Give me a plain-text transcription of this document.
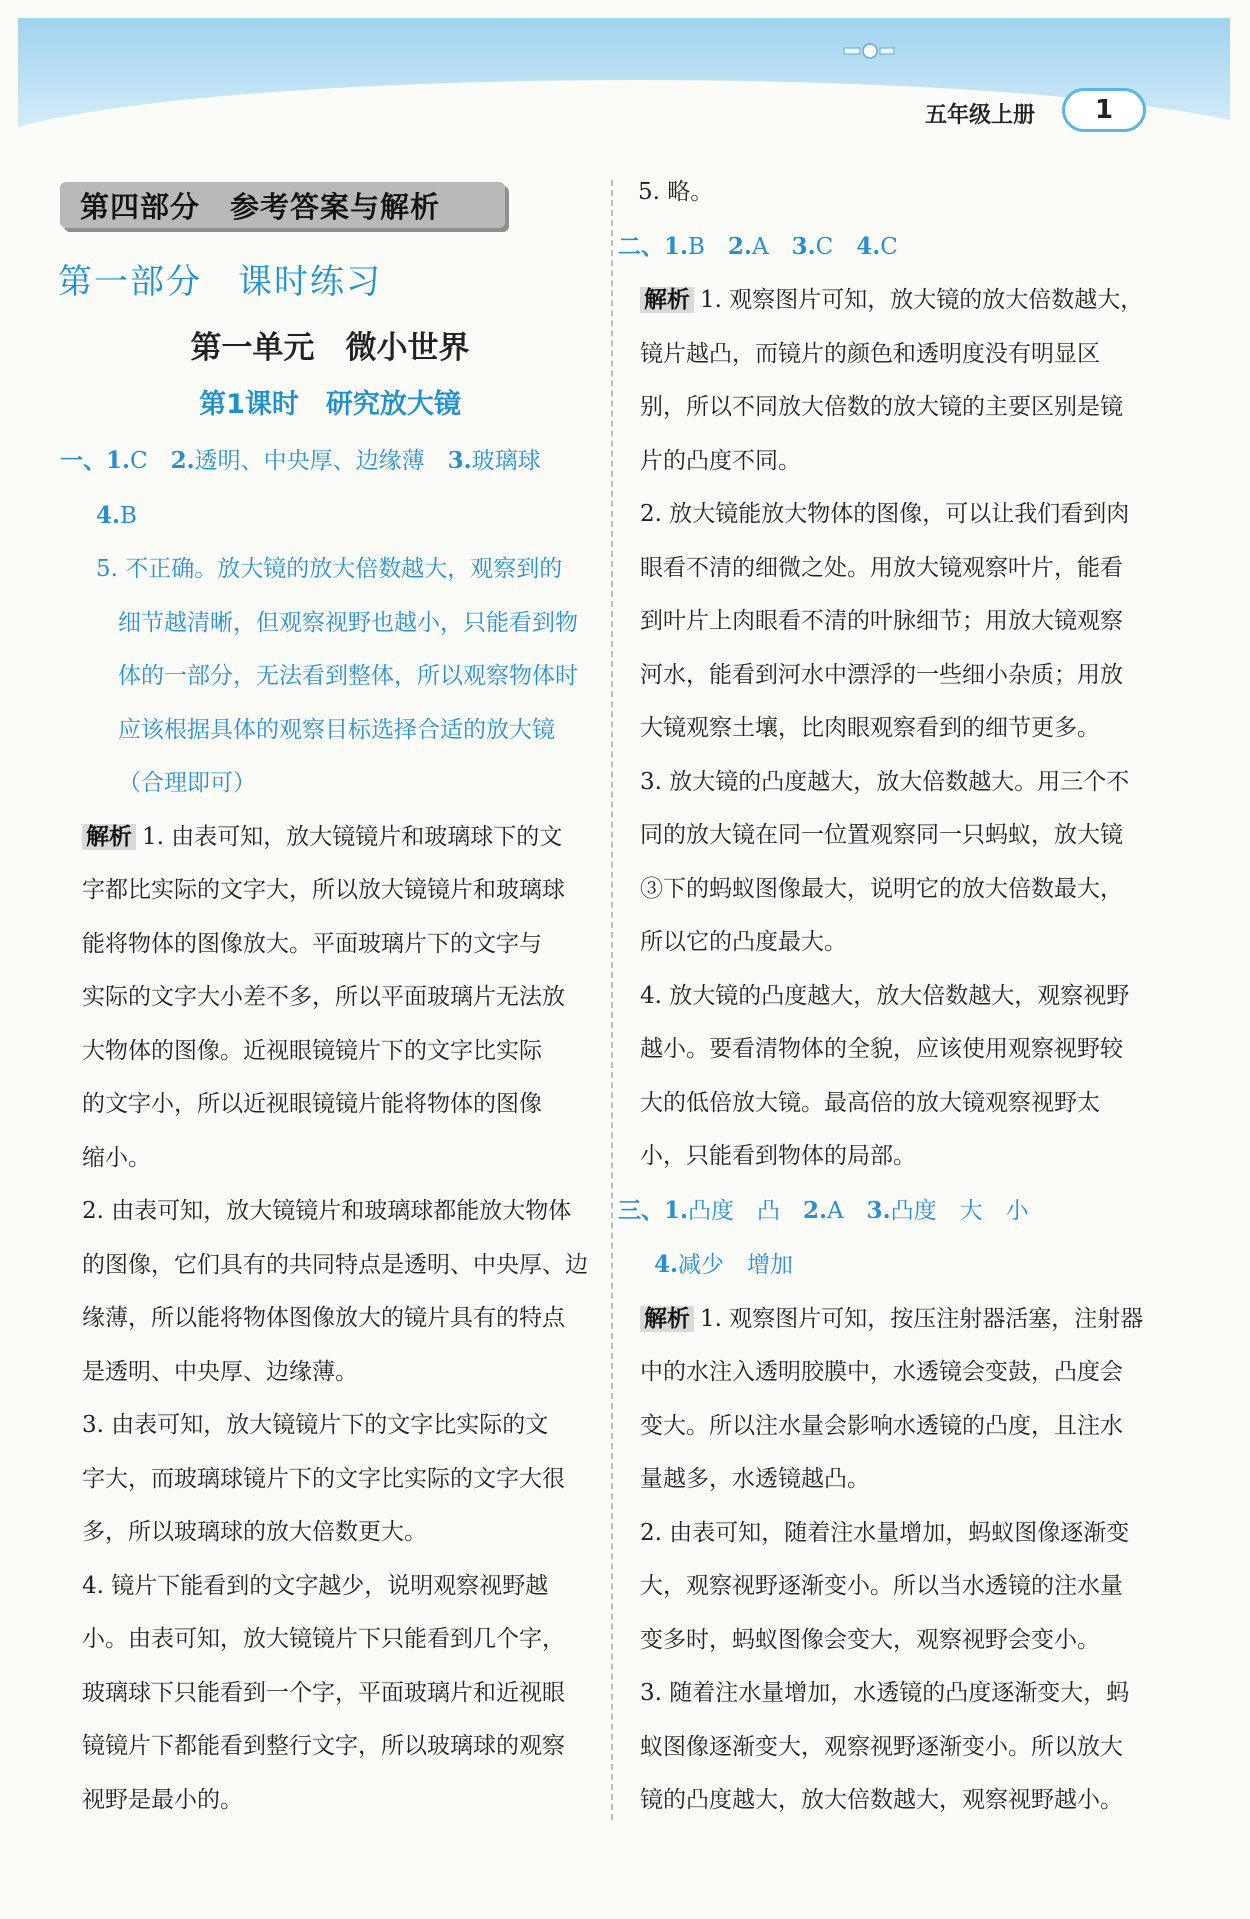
五年级上册	1
第四部分　参考答案与解析
第一部分　课时练习
第一单元　微小世界
第1课时　研究放大镜

一、1.C　 2.透明、中央厚、边缘薄　 3.玻璃球

4.B

5. 不正确。放大镜的放大倍数越大，观察到的

细节越清晰，但观察视野也越小，只能看到物

体的一部分，无法看到整体，所以观察物体时

应该根据具体的观察目标选择合适的放大镜

（合理即可）

解析 1. 由表可知，放大镜镜片和玻璃球下的文

字都比实际的文字大，所以放大镜镜片和玻璃球

能将物体的图像放大。平面玻璃片下的文字与

实际的文字大小差不多，所以平面玻璃片无法放

大物体的图像。近视眼镜镜片下的文字比实际

的文字小，所以近视眼镜镜片能将物体的图像

缩小。

2. 由表可知，放大镜镜片和玻璃球都能放大物体

的图像，它们具有的共同特点是透明、中央厚、边

缘薄，所以能将物体图像放大的镜片具有的特点

是透明、中央厚、边缘薄。

3. 由表可知，放大镜镜片下的文字比实际的文

字大，而玻璃球镜片下的文字比实际的文字大很

多，所以玻璃球的放大倍数更大。

4. 镜片下能看到的文字越少，说明观察视野越

小。由表可知，放大镜镜片下只能看到几个字，

玻璃球下只能看到一个字，平面玻璃片和近视眼

镜镜片下都能看到整行文字，所以玻璃球的观察

视野是最小的。

5. 略。

二、1.B　 2.A　 3.C　 4.C

解析 1. 观察图片可知，放大镜的放大倍数越大，

镜片越凸，而镜片的颜色和透明度没有明显区

别，所以不同放大倍数的放大镜的主要区别是镜

片的凸度不同。

2. 放大镜能放大物体的图像，可以让我们看到肉

眼看不清的细微之处。用放大镜观察叶片，能看

到叶片上肉眼看不清的叶脉细节；用放大镜观察

河水，能看到河水中漂浮的一些细小杂质；用放

大镜观察土壤，比肉眼观察看到的细节更多。

3. 放大镜的凸度越大，放大倍数越大。用三个不

同的放大镜在同一位置观察同一只蚂蚁，放大镜

③下的蚂蚁图像最大，说明它的放大倍数最大，

所以它的凸度最大。

4. 放大镜的凸度越大，放大倍数越大，观察视野

越小。要看清物体的全貌，应该使用观察视野较

大的低倍放大镜。最高倍的放大镜观察视野太

小，只能看到物体的局部。

三、1.凸度　凸　 2.A　 3.凸度　大　小

4.减少　增加

解析 1. 观察图片可知，按压注射器活塞，注射器

中的水注入透明胶膜中，水透镜会变鼓，凸度会

变大。所以注水量会影响水透镜的凸度，且注水

量越多，水透镜越凸。

2. 由表可知，随着注水量增加，蚂蚁图像逐渐变

大，观察视野逐渐变小。所以当水透镜的注水量

变多时，蚂蚁图像会变大，观察视野会变小。

3. 随着注水量增加，水透镜的凸度逐渐变大，蚂

蚁图像逐渐变大，观察视野逐渐变小。所以放大

镜的凸度越大，放大倍数越大，观察视野越小。
